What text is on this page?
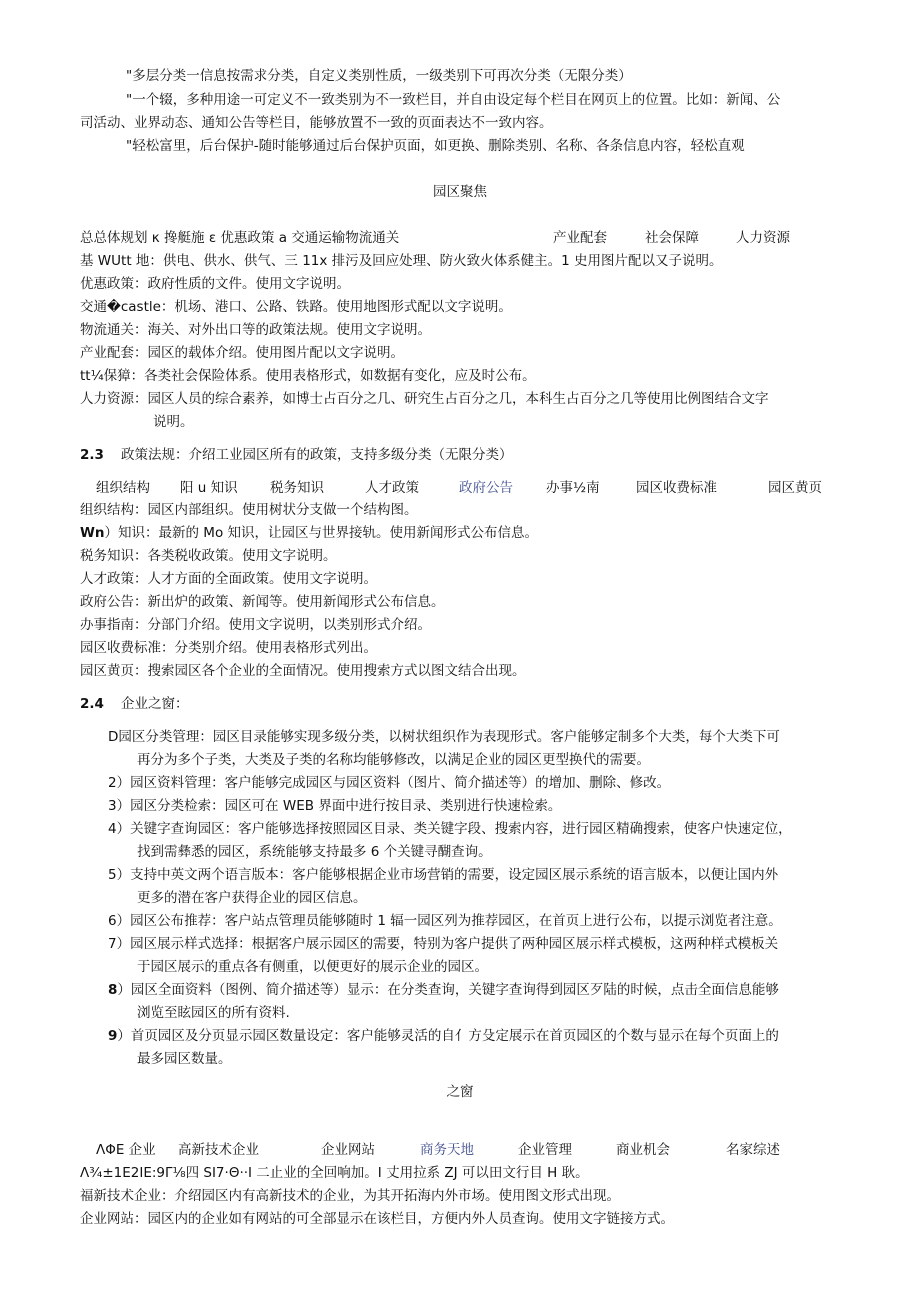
"多层分类一信息按需求分类，自定义类别性质，一级类别下可再次分类（无限分类）
"一个辍，多种用途一可定义不一致类别为不一致栏目，并自由设定每个栏目在网页上的位置。比如：新闻、公
司活动、业界动态、通知公告等栏目，能够放置不一致的页面表达不一致内容。
"轻松富里，后台保护-随时能够通过后台保护页面，如更换、删除类别、名称、各条信息内容，轻松直观
园区聚焦
总总体规划 κ 搀艇施 ε 优惠政策 a 交通运输物流通关	产业配套	社会保障	人力资源
基 WUtt 地：供电、供水、供气、三 11x 排污及回应处理、防火致火体系健主。1 史用图片配以又子说明。
优惠政策：政府性质的文件。使用文字说明。
交通�castle：机场、港口、公路、铁路。使用地图形式配以文字说明。
物流通关：海关、对外出口等的政策法规。使用文字说明。
产业配套：园区的载体介绍。使用图片配以文字说明。
tt¼保獐：各类社会保险体系。使用表格形式，如数据有变化，应及时公布。
人力资源：园区人员的综合素养，如博士占百分之几、研究生占百分之几，本科生占百分之几等使用比例图结合文字
说明。
2.3 政策法规：介绍工业园区所有的政策，支持多级分类（无限分类）
组织结构 阳 u 知识 税务知识	人才政策	政府公告 办事½南	园区收费标准	园区黄页
组织结构：园区内部组织。使用树状分支做一个结构图。
Wn）知识：最新的 Mo 知识，让园区与世界接轨。使用新闻形式公布信息。
税务知识：各类税收政策。使用文字说明。
人才政策：人才方面的全面政策。使用文字说明。
政府公告：新出炉的政策、新闻等。使用新闻形式公布信息。
办事指南：分部门介绍。使用文字说明，以类别形式介绍。
园区收费标准：分类别介绍。使用表格形式列出。
园区黄页：搜索园区各个企业的全面情况。使用搜索方式以图文结合出现。
2.4 企业之窗：
D园区分类管理：园区目录能够实现多级分类，以树状组织作为表现形式。客户能够定制多个大类，每个大类下可
再分为多个子类，大类及子类的名称均能够修改，以满足企业的园区更型换代的需要。
2）园区资料管理：客户能够完成园区与园区资料（图片、简介描述等）的增加、删除、修改。
3）园区分类检索：园区可在 WEB 界面中进行按目录、类别进行快速检索。
4）关键字查询园区：客户能够选择按照园区目录、类关键字段、搜索内容，进行园区精确搜索，使客户快速定位，
找到需彝悉的园区，系统能够支持最多 6 个关键寻醐查询。
5）支持中英文两个语言版本：客户能够根据企业市场营销的需要，设定园区展示系统的语言版本，以便让国内外
更多的潜在客户获得企业的园区信息。
6）园区公布推荐：客户站点管理员能够随时 1 辐一园区列为推荐园区，在首页上进行公布，以提示浏览者注意。
7）园区展示样式选择：根据客户展示园区的需要，特别为客户提供了两种园区展示样式模板，这两种样式模板关
于园区展示的重点各有侧重，以便更好的展示企业的园区。
8）园区全面资料（图例、简介描述等）显示：在分类查询，关键字查询得到园区歹陆的时候，点击全面信息能够
浏览至眩园区的所有资料.
9）首页园区及分页显示园区数量设定：客户能够灵活的自亻方殳定展示在首页园区的个数与显示在每个页面上的
最多园区数量。
之窗
ΛΦE 企业 高新技术企业	企业网站	商务天地	企业管理	商业机会	名家综述
Λ¾±1E2IE:9Γ⅛四 SI7·Θ··I 二止业的全回响加。I 丈用拉系 ZJ 可以田文行目 H 耿。
福新技术企业：介绍园区内有高新技术的企业，为其开拓海内外市场。使用图文形式出现。
企业网站：园区内的企业如有网站的可全部显示在该栏目，方便内外人员查询。使用文字链接方式。
